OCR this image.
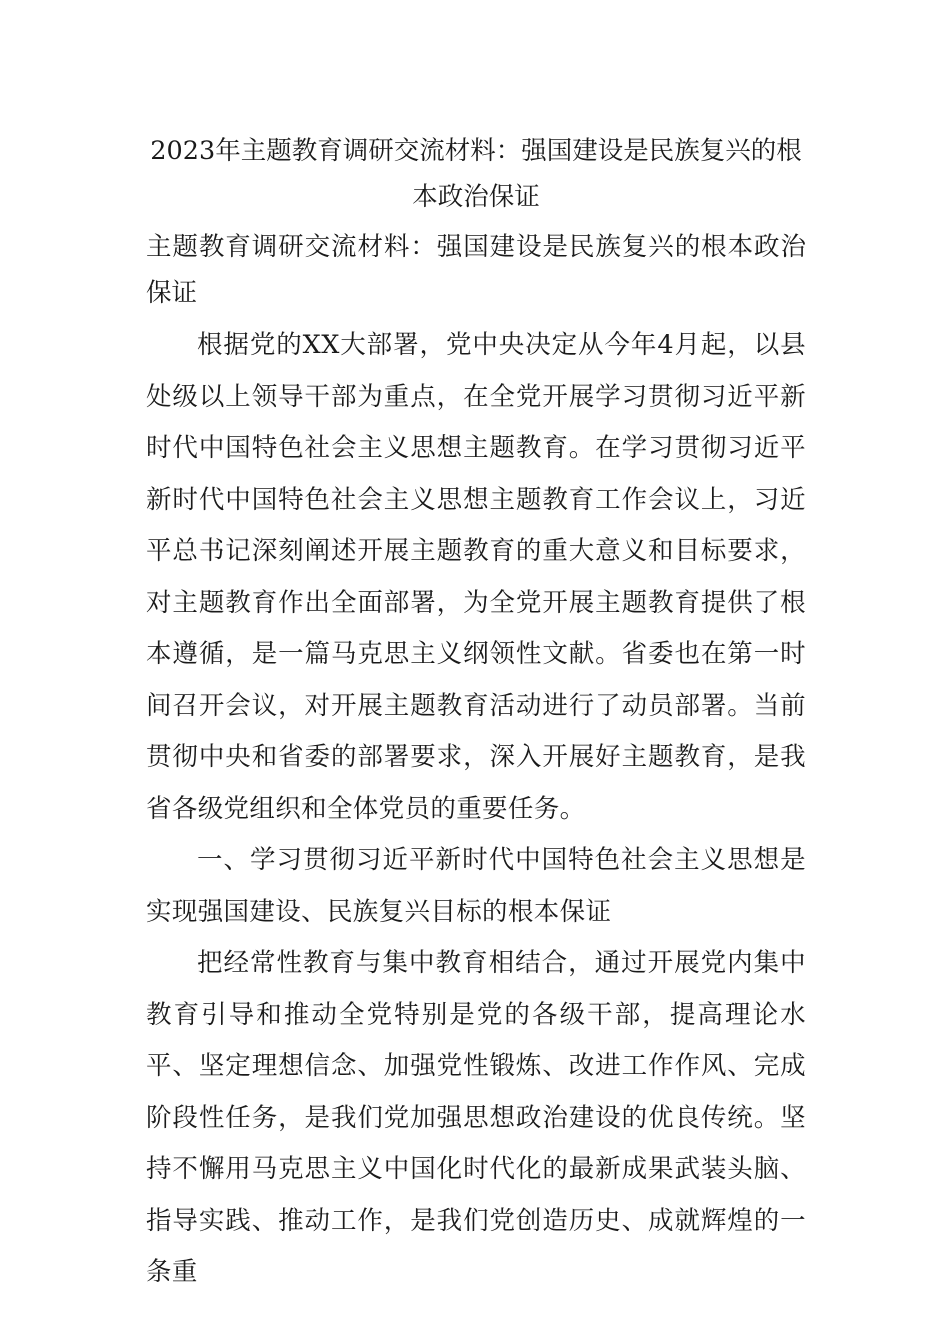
2023年主题教育调研交流材料：强国建设是民族复兴的根本政治保证

主题教育调研交流材料：强国建设是民族复兴的根本政治保证

根据党的XX大部署，党中央决定从今年4月起，以县处级以上领导干部为重点，在全党开展学习贯彻习近平新时代中国特色社会主义思想主题教育。在学习贯彻习近平新时代中国特色社会主义思想主题教育工作会议上，习近平总书记深刻阐述开展主题教育的重大意义和目标要求，对主题教育作出全面部署，为全党开展主题教育提供了根本遵循，是一篇马克思主义纲领性文献。省委也在第一时间召开会议，对开展主题教育活动进行了动员部署。当前贯彻中央和省委的部署要求，深入开展好主题教育，是我省各级党组织和全体党员的重要任务。

一、学习贯彻习近平新时代中国特色社会主义思想是实现强国建设、民族复兴目标的根本保证

把经常性教育与集中教育相结合，通过开展党内集中教育引导和推动全党特别是党的各级干部，提高理论水平、坚定理想信念、加强党性锻炼、改进工作作风、完成阶段性任务，是我们党加强思想政治建设的优良传统。坚持不懈用马克思主义中国化时代化的最新成果武装头脑、指导实践、推动工作，是我们党创造历史、成就辉煌的一条重
